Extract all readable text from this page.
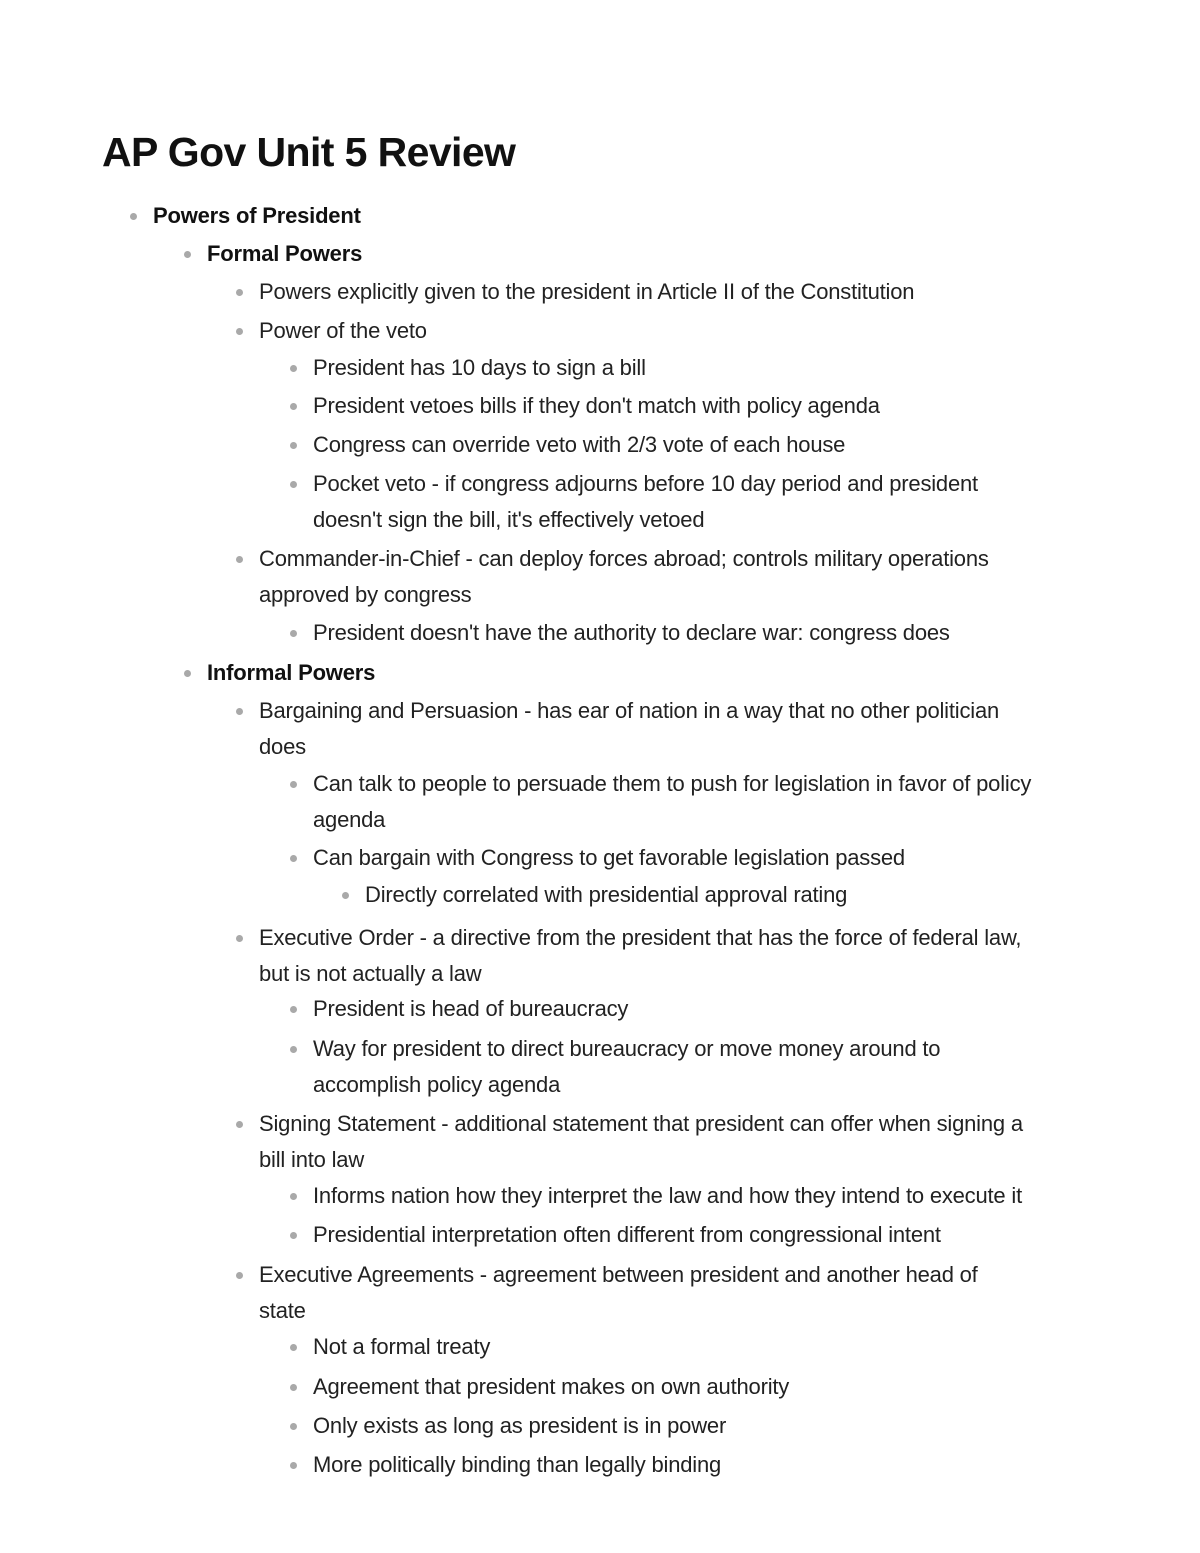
AP Gov Unit 5 Review

Powers of President

Formal Powers

Powers explicitly given to the president in Article II of the Constitution

Power of the veto

President has 10 days to sign a bill

President vetoes bills if they don't match with policy agenda

Congress can override veto with 2/3 vote of each house

Pocket veto - if congress adjourns before 10 day period and president

doesn't sign the bill, it's effectively vetoed

Commander-in-Chief - can deploy forces abroad; controls military operations

approved by congress

President doesn't have the authority to declare war: congress does

Informal Powers

Bargaining and Persuasion - has ear of nation in a way that no other politician

does

Can talk to people to persuade them to push for legislation in favor of policy

agenda

Can bargain with Congress to get favorable legislation passed

Directly correlated with presidential approval rating

Executive Order - a directive from the president that has the force of federal law,

but is not actually a law

President is head of bureaucracy

Way for president to direct bureaucracy or move money around to

accomplish policy agenda

Signing Statement - additional statement that president can offer when signing a

bill into law

Informs nation how they interpret the law and how they intend to execute it

Presidential interpretation often different from congressional intent

Executive Agreements - agreement between president and another head of

state

Not a formal treaty

Agreement that president makes on own authority

Only exists as long as president is in power

More politically binding than legally binding
